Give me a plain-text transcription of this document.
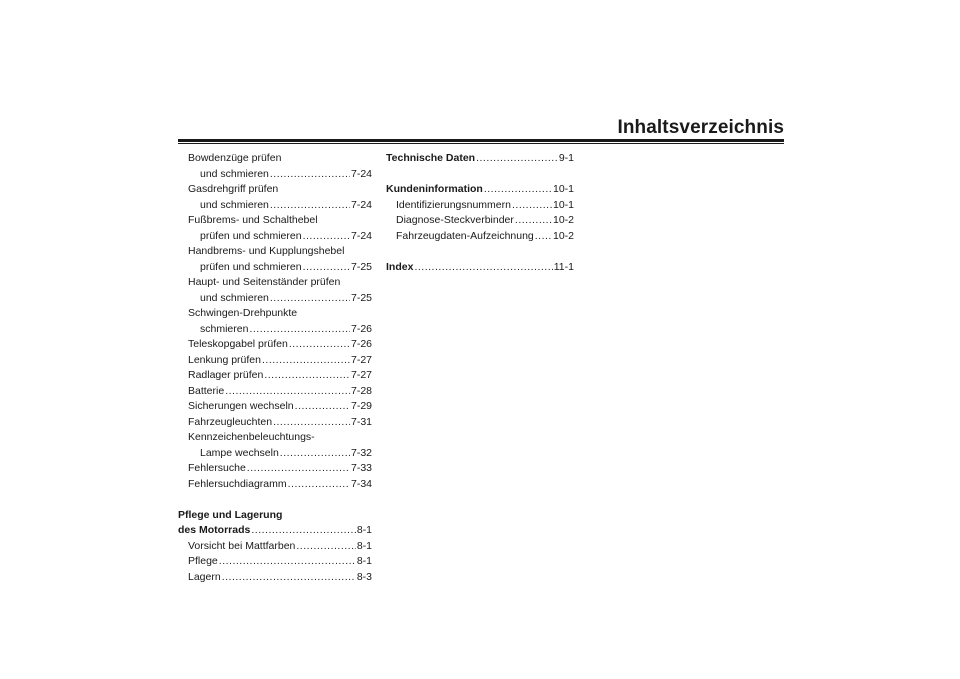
Inhaltsverzeichnis
Bowdenzüge prüfen
und schmieren .....	7-24
Gasdrehgriff prüfen
und schmieren .....	7-24
Fußbrems- und Schalthebel
prüfen und schmieren .....	7-24
Handbrems- und Kupplungshebel
prüfen und schmieren .....	7-25
Haupt- und Seitenständer prüfen
und schmieren .....	7-25
Schwingen-Drehpunkte
schmieren .....	7-26
Teleskopgabel prüfen .....	7-26
Lenkung prüfen .....	7-27
Radlager prüfen .....	7-27
Batterie .....	7-28
Sicherungen wechseln .....	7-29
Fahrzeugleuchten .....	7-31
Kennzeichenbeleuchtungs-
Lampe wechseln .....	7-32
Fehlersuche .....	7-33
Fehlersuchdiagramm .....	7-34
Pflege und Lagerung
des Motorrads .....	8-1
Vorsicht bei Mattfarben .....	8-1
Pflege .....	8-1
Lagern .....	8-3
Technische Daten .....	9-1
Kundeninformation .....	10-1
Identifizierungsnummern .....	10-1
Diagnose-Steckverbinder .....	10-2
Fahrzeugdaten-Aufzeichnung ..... 10-2
Index .....	11-1
